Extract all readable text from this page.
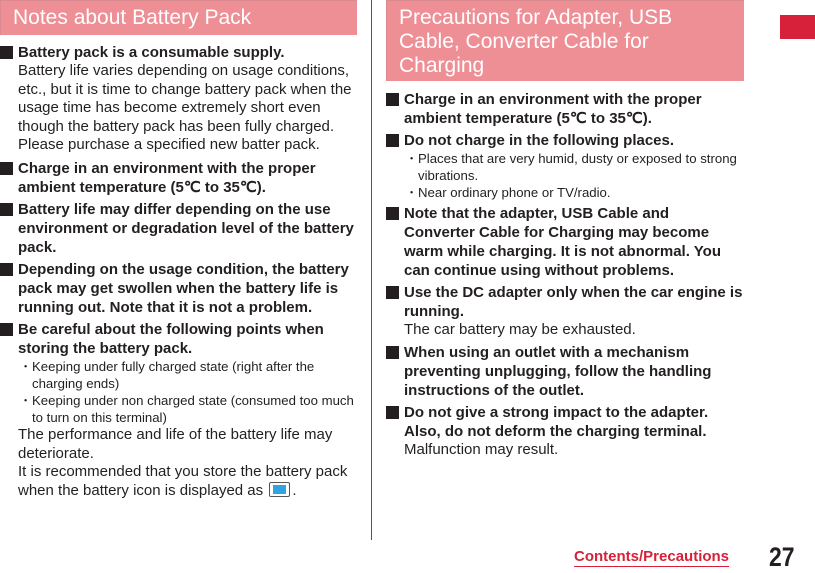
Notes about Battery Pack
Battery pack is a consumable supply.
Battery life varies depending on usage conditions, etc., but it is time to change battery pack when the usage time has become extremely short even though the battery pack has been fully charged. Please purchase a specified new batter pack.
Charge in an environment with the proper ambient temperature (5℃ to 35℃).
Battery life may differ depending on the use environment or degradation level of the battery pack.
Depending on the usage condition, the battery pack may get swollen when the battery life is running out. Note that it is not a problem.
Be careful about the following points when storing the battery pack.
・ Keeping under fully charged state (right after the charging ends)
・ Keeping under non charged state (consumed too much to turn on this terminal)
The performance and life of the battery life may deteriorate.
It is recommended that you store the battery pack when the battery icon is displayed as .
Precautions for Adapter, USB Cable, Converter Cable for Charging
Charge in an environment with the proper ambient temperature (5℃ to 35℃).
Do not charge in the following places.
・ Places that are very humid, dusty or exposed to strong vibrations.
・ Near ordinary phone or TV/radio.
Note that the adapter, USB Cable and Converter Cable for Charging may become warm while charging. It is not abnormal. You can continue using without problems.
Use the DC adapter only when the car engine is running.
The car battery may be exhausted.
When using an outlet with a mechanism preventing unplugging, follow the handling instructions of the outlet.
Do not give a strong impact to the adapter. Also, do not deform the charging terminal.
Malfunction may result.
Contents/Precautions 27
